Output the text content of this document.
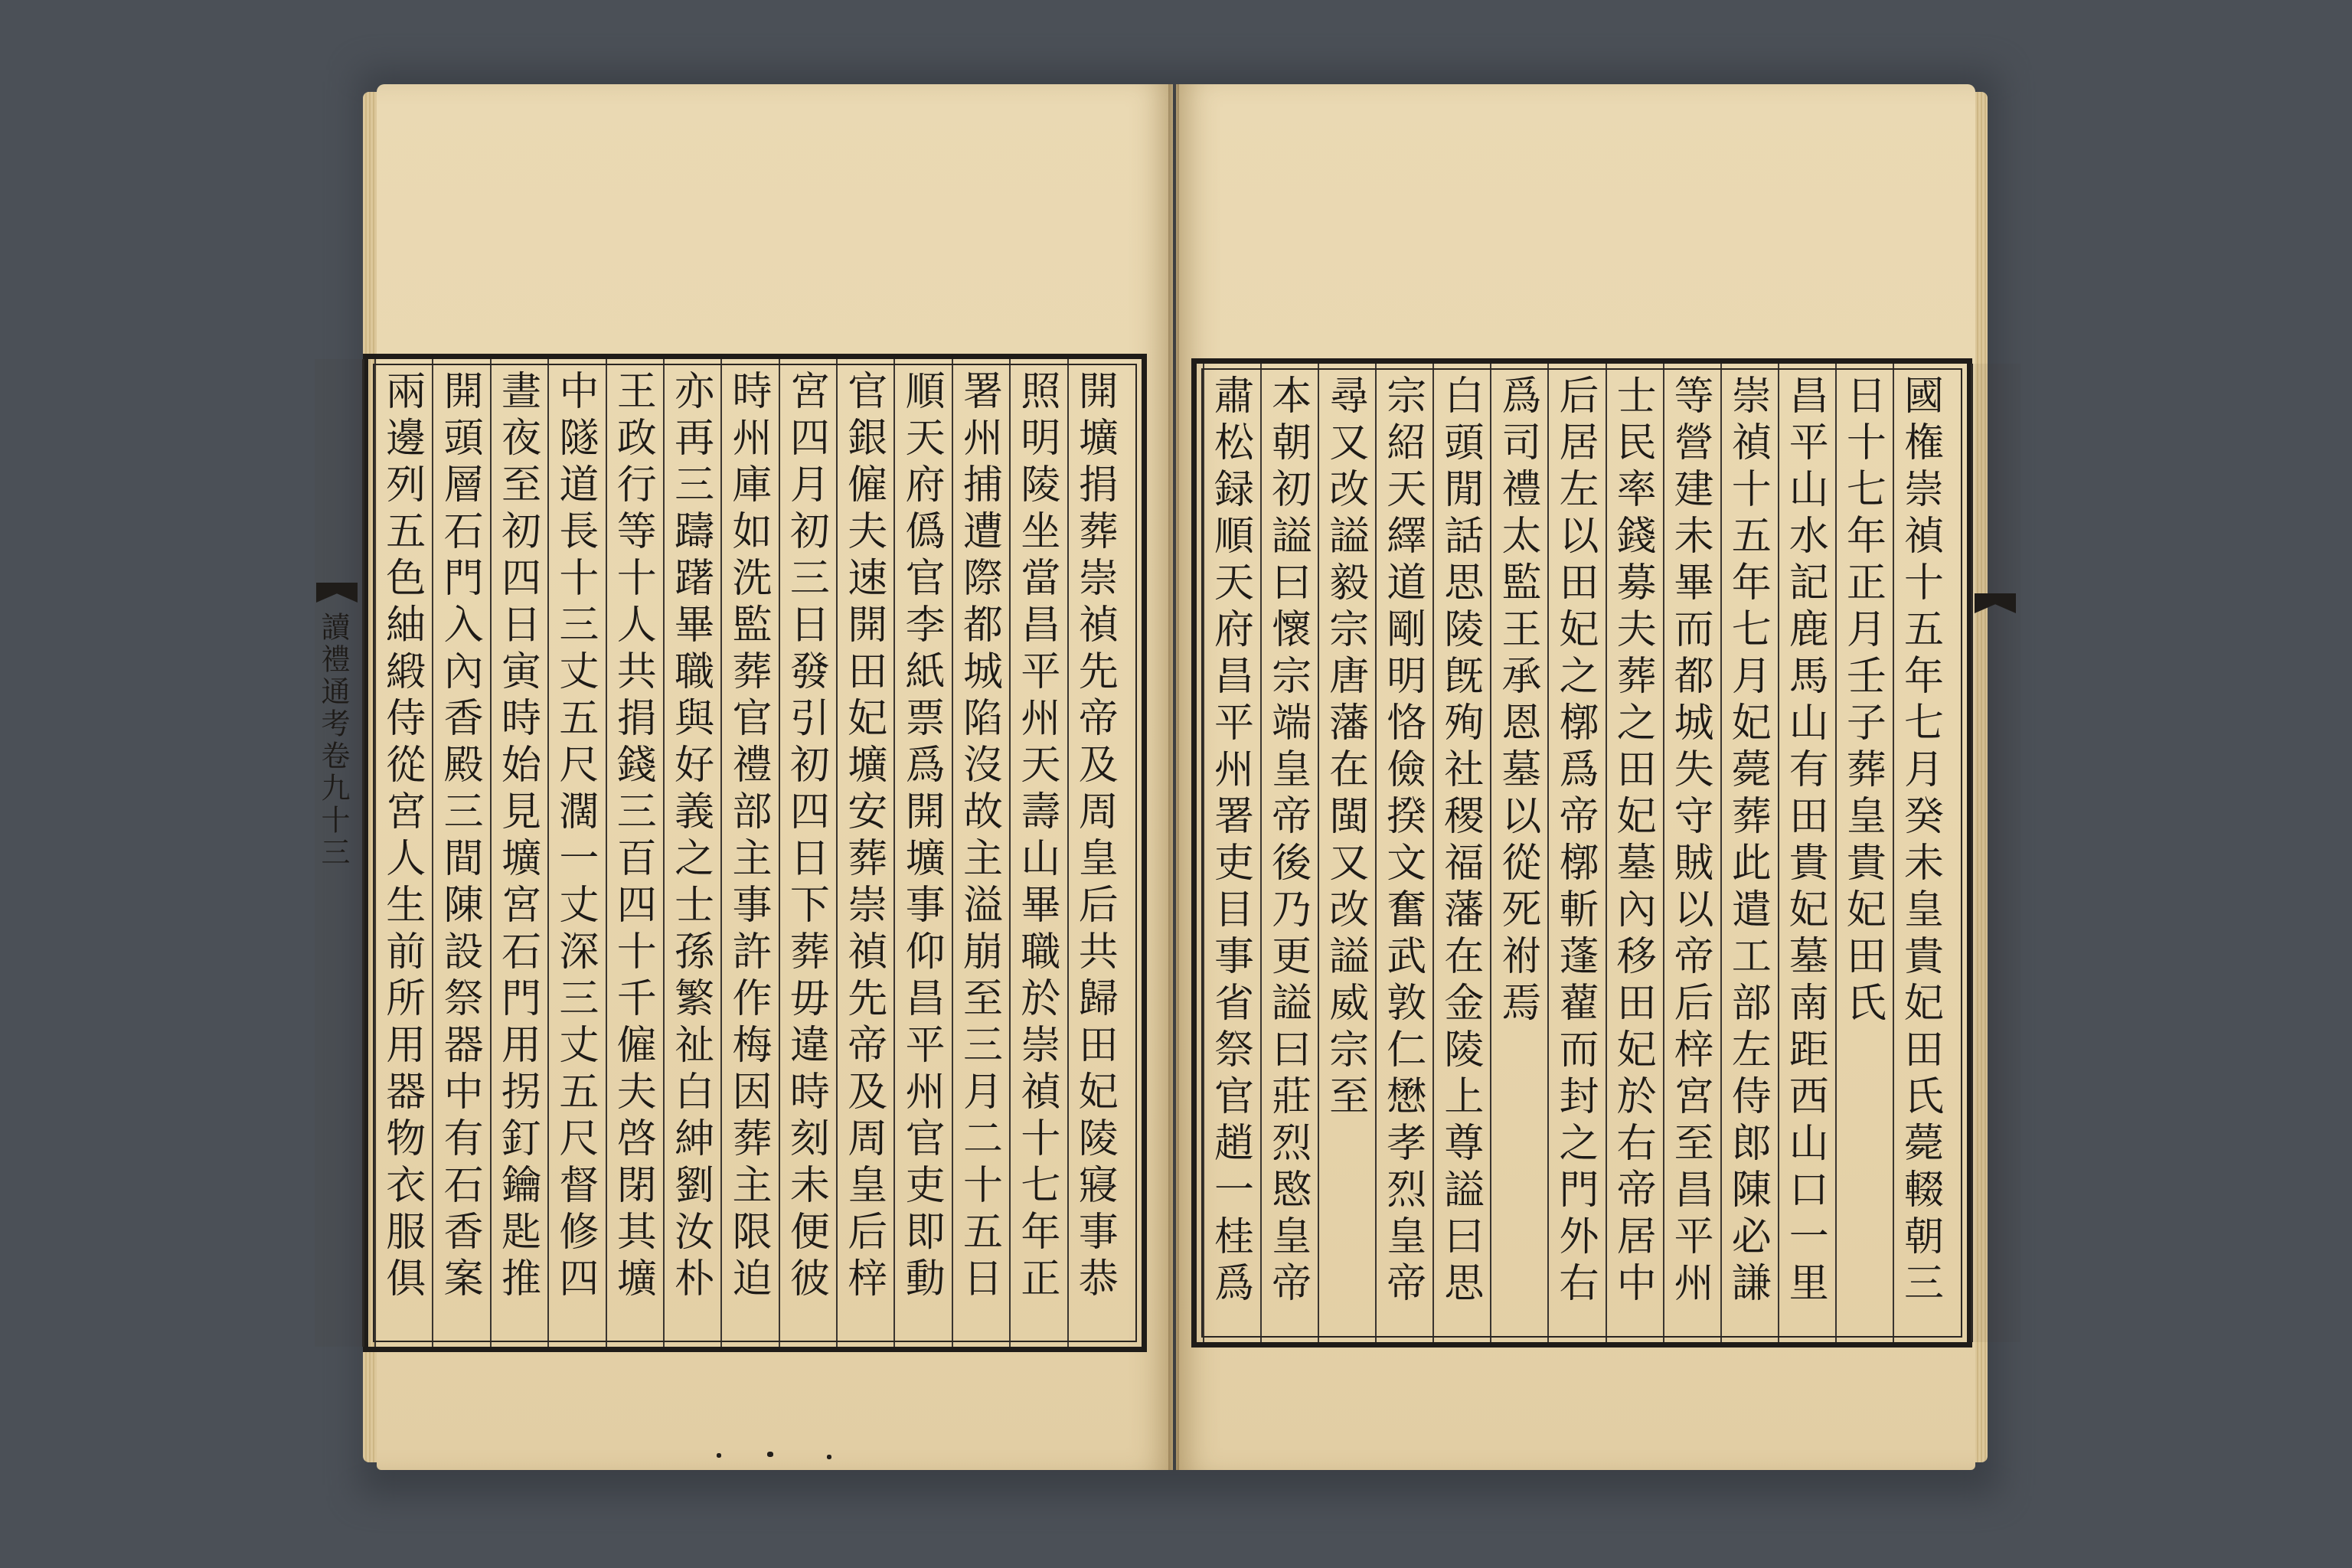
讀禮通考卷九十三	開壙捐葬崇禎先帝及周皇后共歸田妃陵寢事恭
照明陵坐當昌平州天壽山畢職於崇禎十七年正
署州捕遭際都城陷沒故主溢崩至三月二十五日
順天府僞官李紙票爲開壙事仰昌平州官吏即動
官銀僱夫速開田妃壙安葬崇禎先帝及周皇后梓
宮四月初三日發引初四日下葬毋違時刻未便彼
時州庫如洗監葬官禮部主事許作梅因葬主限迫
亦再三躊躇畢職與好義之士孫繁祉白紳劉汝朴
王政行等十人共捐錢三百四十千僱夫啓閉其壙
中隧道長十三丈五尺濶一丈深三丈五尺督修四
晝夜至初四日寅時始見壙宮石門用拐釘鑰匙推
開頭層石門入內香殿三間陳設祭器中有石香案
兩邊列五色紬緞侍從宮人生前所用器物衣服俱	國権崇禎十五年七月癸未皇貴妃田氏薨輟朝三
日十七年正月壬子葬皇貴妃田氏
昌平山水記鹿馬山有田貴妃墓南距西山口一里
崇禎十五年七月妃薨葬此遣工部左侍郎陳必謙
等營建未畢而都城失守賊以帝后梓宮至昌平州
士民率錢募夫葬之田妃墓內移田妃於右帝居中
后居左以田妃之槨爲帝槨斬蓬藋而封之門外右
爲司禮太監王承恩墓以從死祔焉
白頭閒話思陵旣殉社稷福藩在金陵上尊謚曰思
宗紹天繹道剛明恪儉揆文奮武敦仁懋孝烈皇帝
尋又改謚毅宗唐藩在閩又改謚威宗至
本朝初謚曰懷宗端皇帝後乃更謚曰莊烈愍皇帝
肅松録順天府昌平州署吏目事省祭官趙一桂爲
